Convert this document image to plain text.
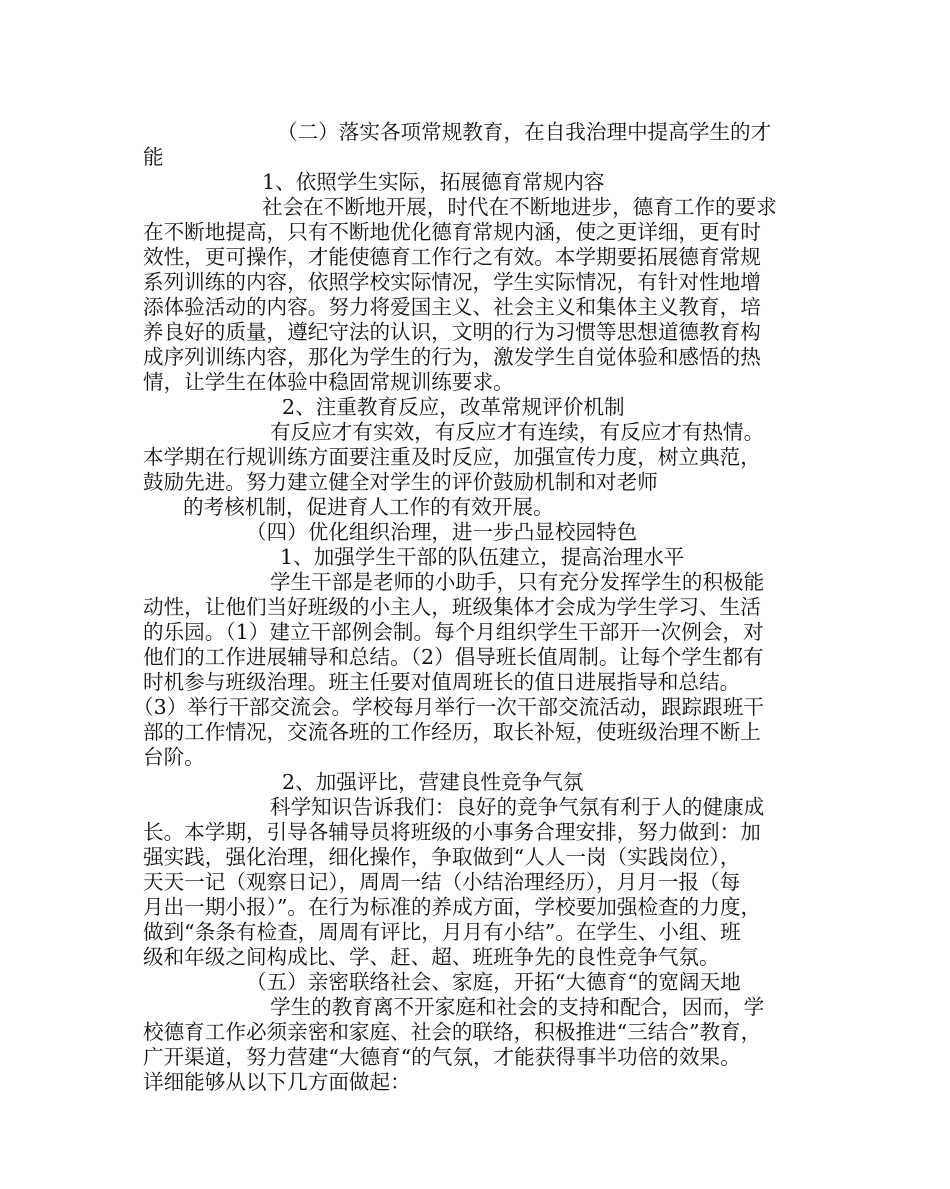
（二）落实各项常规教育，在自我治理中提高学生的才

能

1、依照学生实际，拓展德育常规内容

社会在不断地开展，时代在不断地进步，德育工作的要求

在不断地提高，只有不断地优化德育常规内涵，使之更详细，更有时

效性，更可操作，才能使德育工作行之有效。本学期要拓展德育常规

系列训练的内容，依照学校实际情况，学生实际情况，有针对性地增

添体验活动的内容。努力将爱国主义、社会主义和集体主义教育，培

养良好的质量，遵纪守法的认识，文明的行为习惯等思想道德教育构

成序列训练内容，那化为学生的行为，激发学生自觉体验和感悟的热

情，让学生在体验中稳固常规训练要求。

2、注重教育反应，改革常规评价机制

有反应才有实效，有反应才有连续，有反应才有热情。

本学期在行规训练方面要注重及时反应，加强宣传力度，树立典范，

鼓励先进。努力建立健全对学生的评价鼓励机制和对老师

的考核机制，促进育人工作的有效开展。

（四）优化组织治理，进一步凸显校园特色

1、加强学生干部的队伍建立，提高治理水平

学生干部是老师的小助手，只有充分发挥学生的积极能

动性，让他们当好班级的小主人，班级集体才会成为学生学习、生活

的乐园。（1）建立干部例会制。每个月组织学生干部开一次例会，对

他们的工作进展辅导和总结。（2）倡导班长值周制。让每个学生都有

时机参与班级治理。班主任要对值周班长的值日进展指导和总结。

（3）举行干部交流会。学校每月举行一次干部交流活动，跟踪跟班干

部的工作情况，交流各班的工作经历，取长补短，使班级治理不断上

台阶。

2、加强评比，营建良性竞争气氛

科学知识告诉我们：良好的竞争气氛有利于人的健康成

长。本学期，引导各辅导员将班级的小事务合理安排，努力做到：加

强实践，强化治理，细化操作，争取做到“人人一岗（实践岗位），

天天一记（观察日记），周周一结（小结治理经历），月月一报（每

月出一期小报）”。在行为标准的养成方面，学校要加强检查的力度，

做到“条条有检查，周周有评比，月月有小结”。在学生、小组、班

级和年级之间构成比、学、赶、超、班班争先的良性竞争气氛。

（五）亲密联络社会、家庭，开拓“大德育“的宽阔天地

学生的教育离不开家庭和社会的支持和配合，因而，学

校德育工作必须亲密和家庭、社会的联络，积极推进“三结合”教育，

广开渠道，努力营建“大德育“的气氛，才能获得事半功倍的效果。

详细能够从以下几方面做起：
